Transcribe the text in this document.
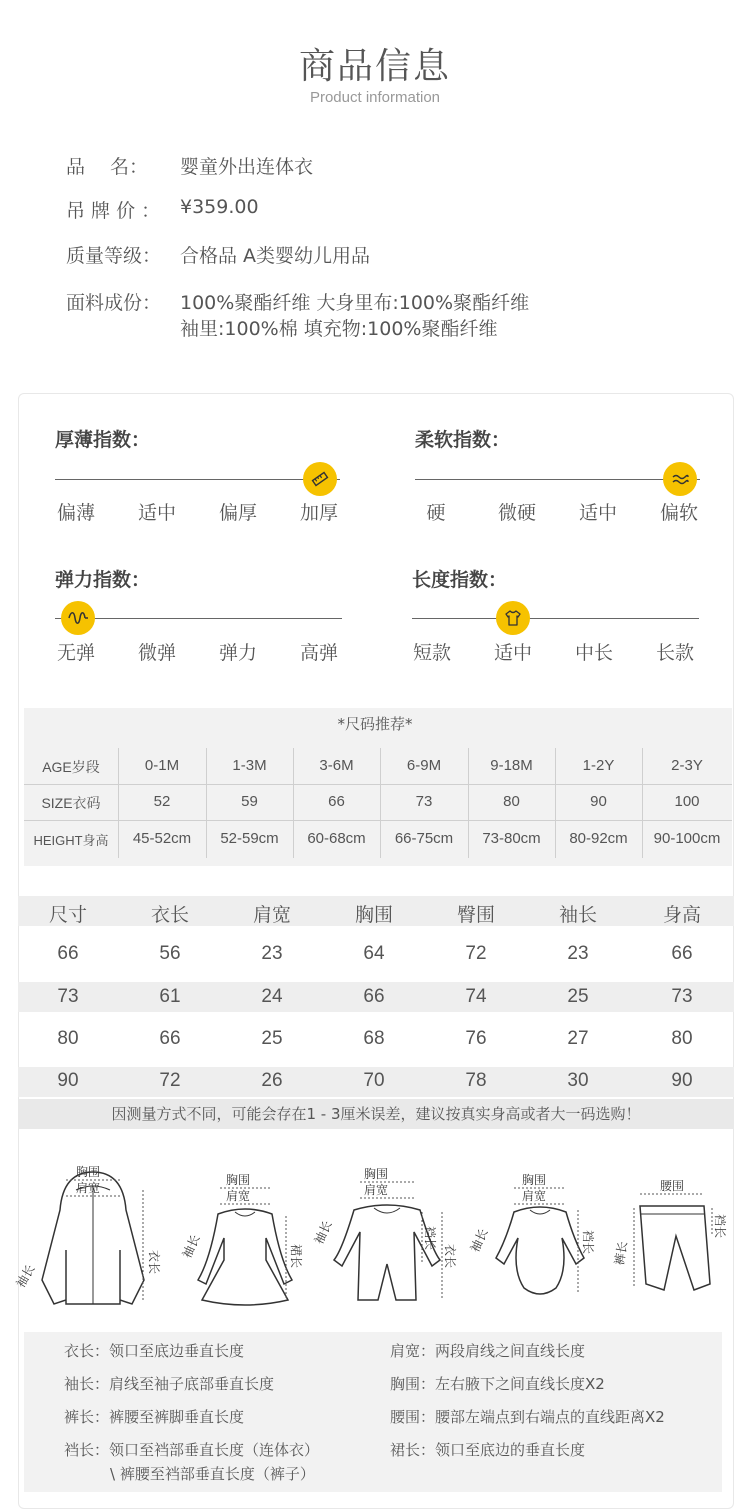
商品信息
Product information
品　 名： 婴童外出连体衣
吊 牌 价 ： ¥359.00
质量等级： 合格品 A类婴幼儿用品
面料成份： 100%聚酯纤维 大身里布:100%聚酯纤维
袖里:100%棉 填充物:100%聚酯纤维
厚薄指数：
偏薄	适中	偏厚	加厚
柔软指数：
硬	微硬	适中	偏软
弹力指数：
无弹	微弹	弹力	高弹
长度指数：
短款	适中	中长	长款
*尺码推荐*
AGE岁段	0-1M	1-3M	3-6M	6-9M	9-18M	1-2Y	2-3Y
SIZE衣码	52	59	66	73	80	90	100
HEIGHT身高	45-52cm	52-59cm	60-68cm	66-75cm	73-80cm	80-92cm	90-100cm
尺寸	衣长	肩宽	胸围	臀围	袖长	身高
66	56	23	64	72	23	66
73	61	24	66	74	25	73
80	66	25	68	76	27	80
90	72	26	70	78	30	90
因测量方式不同，可能会存在1 - 3厘米误差，建议按真实身高或者大一码选购！
胸围
肩宽
袖长
衣长
胸围
肩宽
袖长	裙长
胸围
肩宽
袖长	裆长
衣长
胸围
肩宽
袖长	裆长
腰围
裤长
裆长
衣长：领口至底边垂直长度	肩宽：两段肩线之间直线长度
袖长：肩线至袖子底部垂直长度	胸围：左右腋下之间直线长度X2
裤长：裤腰至裤脚垂直长度	腰围：腰部左端点到右端点的直线距离X2
裆长：领口至裆部垂直长度（连体衣）	裙长：领口至底边的垂直长度
\ 裤腰至裆部垂直长度（裤子）
